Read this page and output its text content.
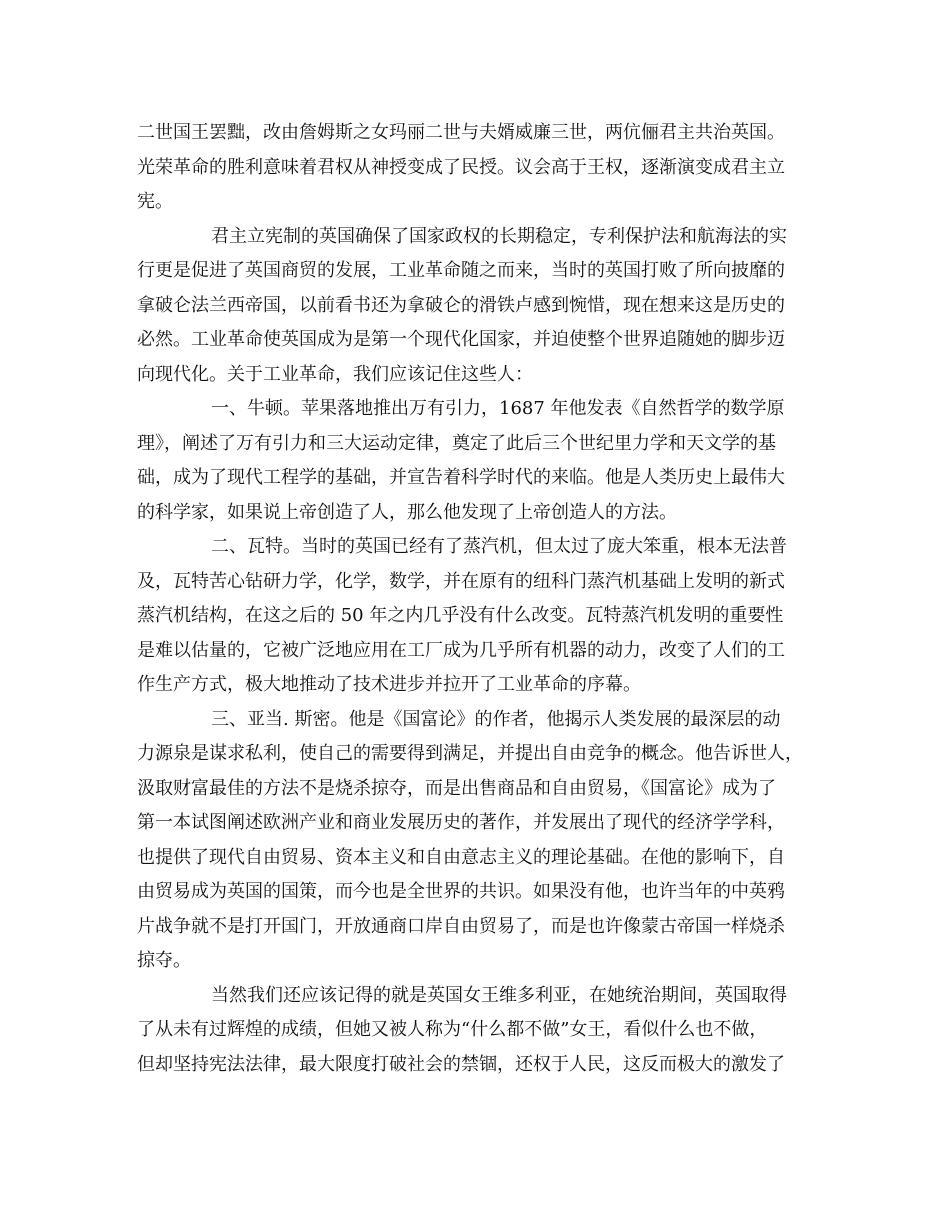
二世国王罢黜，改由詹姆斯之女玛丽二世与夫婿威廉三世，两伉俪君主共治英国。
光荣革命的胜利意味着君权从神授变成了民授。议会高于王权，逐渐演变成君主立
宪。
君主立宪制的英国确保了国家政权的长期稳定，专利保护法和航海法的实
行更是促进了英国商贸的发展，工业革命随之而来，当时的英国打败了所向披靡的
拿破仑法兰西帝国，以前看书还为拿破仑的滑铁卢感到惋惜，现在想来这是历史的
必然。工业革命使英国成为是第一个现代化国家，并迫使整个世界追随她的脚步迈
向现代化。关于工业革命，我们应该记住这些人：
一、牛顿。苹果落地推出万有引力，1687 年他发表《自然哲学的数学原
理》，阐述了万有引力和三大运动定律，奠定了此后三个世纪里力学和天文学的基
础，成为了现代工程学的基础，并宣告着科学时代的来临。他是人类历史上最伟大
的科学家，如果说上帝创造了人，那么他发现了上帝创造人的方法。
二、瓦特。当时的英国已经有了蒸汽机，但太过了庞大笨重，根本无法普
及，瓦特苦心钻研力学，化学，数学，并在原有的纽科门蒸汽机基础上发明的新式
蒸汽机结构，在这之后的 50 年之内几乎没有什么改变。瓦特蒸汽机发明的重要性
是难以估量的，它被广泛地应用在工厂成为几乎所有机器的动力，改变了人们的工
作生产方式，极大地推动了技术进步并拉开了工业革命的序幕。
三、亚当. 斯密。他是《国富论》的作者，他揭示人类发展的最深层的动
力源泉是谋求私利，使自己的需要得到满足，并提出自由竞争的概念。他告诉世人，
汲取财富最佳的方法不是烧杀掠夺，而是出售商品和自由贸易，《国富论》成为了
第一本试图阐述欧洲产业和商业发展历史的著作，并发展出了现代的经济学学科，
也提供了现代自由贸易、资本主义和自由意志主义的理论基础。在他的影响下，自
由贸易成为英国的国策，而今也是全世界的共识。如果没有他，也许当年的中英鸦
片战争就不是打开国门，开放通商口岸自由贸易了，而是也许像蒙古帝国一样烧杀
掠夺。
当然我们还应该记得的就是英国女王维多利亚，在她统治期间，英国取得
了从未有过辉煌的成绩，但她又被人称为“什么都不做”女王，看似什么也不做，
但却坚持宪法法律，最大限度打破社会的禁锢，还权于人民，这反而极大的激发了
